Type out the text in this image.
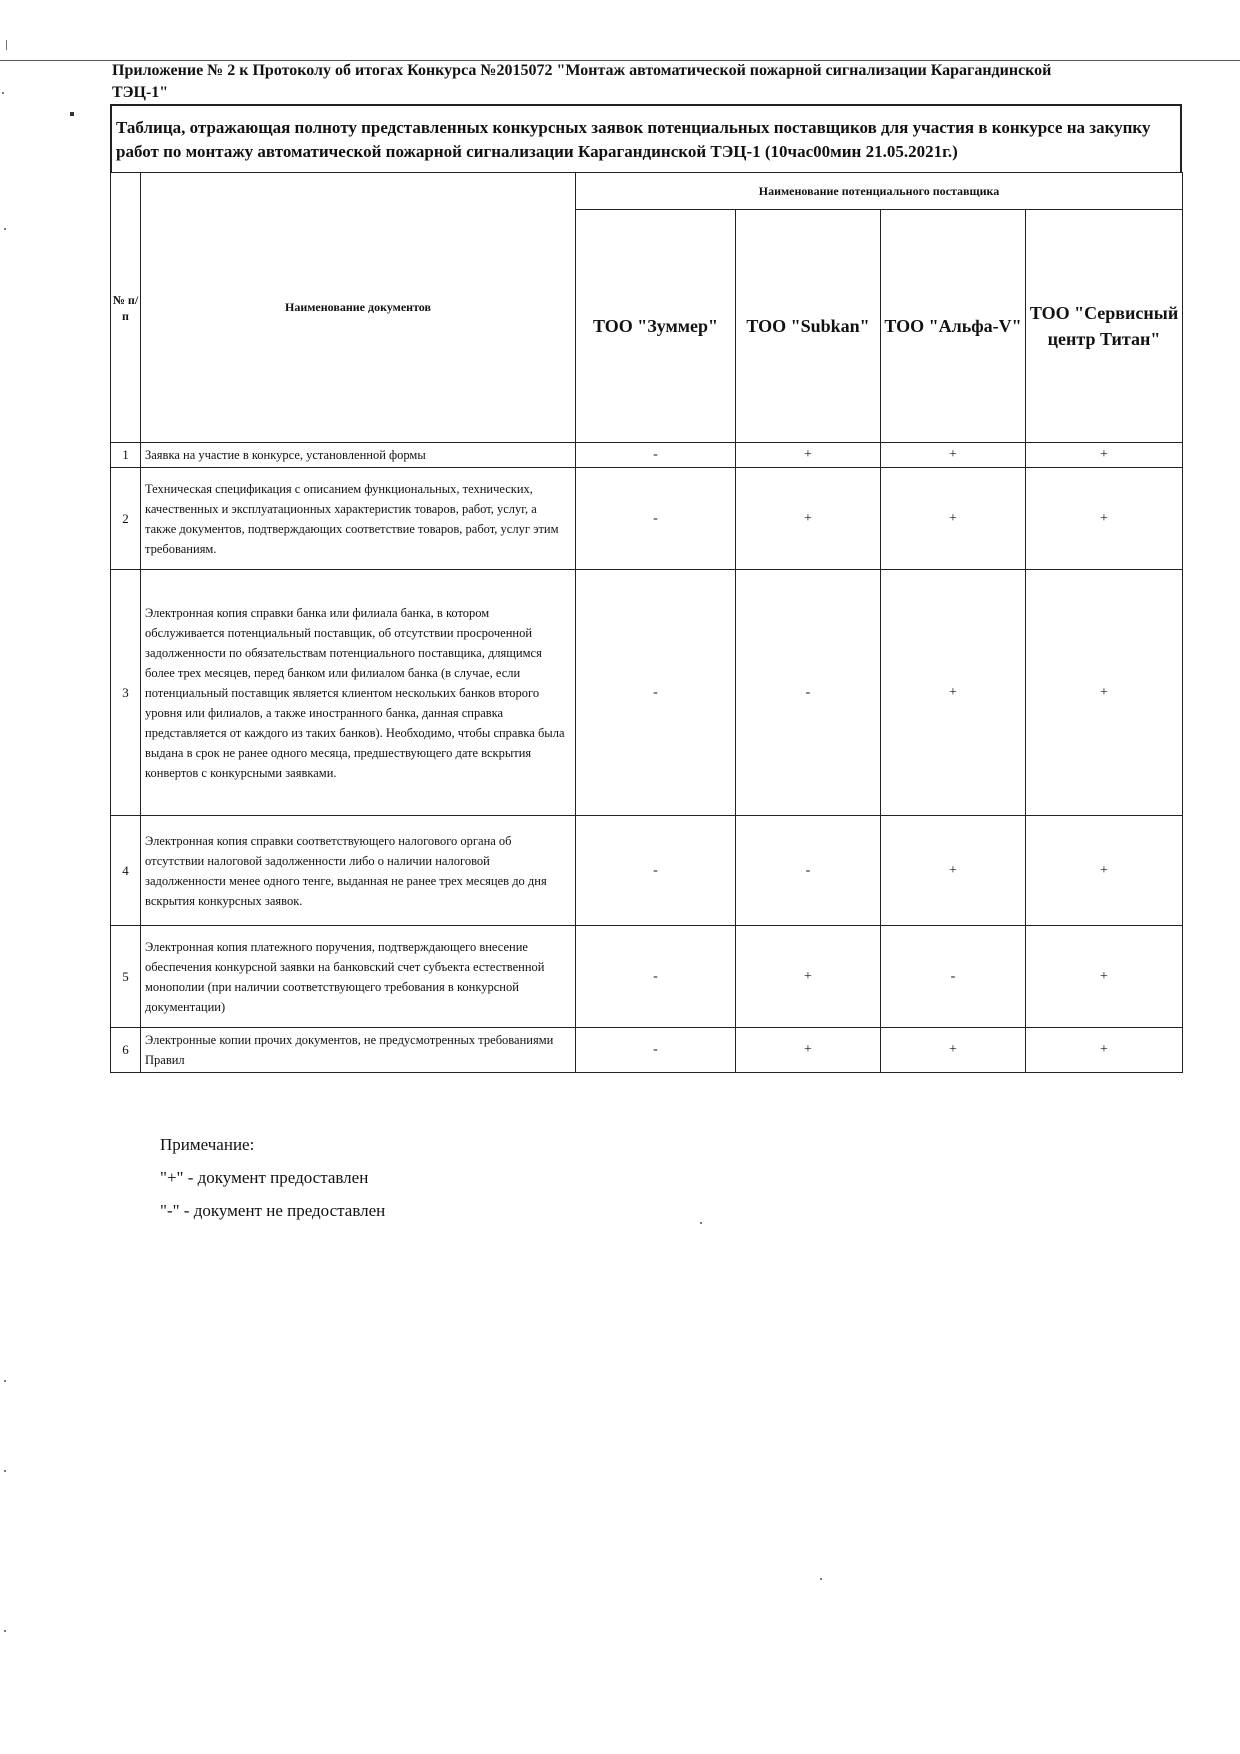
Приложение № 2 к Протоколу об итогах Конкурса №2015072 "Монтаж автоматической пожарной сигнализации Карагандинской
ТЭЦ-1"
Таблица, отражающая полноту представленных конкурсных заявок потенциальных поставщиков для участия в конкурсе на закупку работ по монтажу автоматической пожарной сигнализации Карагандинской ТЭЦ-1 (10час00мин 21.05.2021г.)
№ п/п	Наименование документов	Наименование потенциального поставщика			
		ТОО "Зуммер"	ТОО "Subkan"	ТОО "Альфа-V"	ТОО "Сервисный центр Титан"
1	Заявка на участие в конкурсе, установленной формы	-	+	+	+
2	Техническая спецификация с описанием функциональных, технических, качественных и эксплуатационных характеристик товаров, работ, услуг, а также документов, подтверждающих соответствие товаров, работ, услуг этим требованиям.	-	+	+	+
3	Электронная копия справки банка или филиала банка, в котором обслуживается потенциальный поставщик, об отсутствии просроченной задолженности по обязательствам потенциального поставщика, длящимся более трех месяцев, перед банком или филиалом банка (в случае, если потенциальный поставщик является клиентом нескольких банков второго уровня или филиалов, а также иностранного банка, данная справка представляется от каждого из таких банков). Необходимо, чтобы справка была выдана в срок не ранее одного месяца, предшествующего дате вскрытия конвертов с конкурсными заявками.	-	-	+	+
4	Электронная копия справки соответствующего налогового органа об отсутствии налоговой задолженности либо о наличии налоговой задолженности менее одного тенге, выданная не ранее трех месяцев до дня вскрытия конкурсных заявок.	-	-	+	+
5	Электронная копия платежного поручения, подтверждающего внесение обеспечения конкурсной заявки на банковский счет субъекта естественной монополии (при наличии соответствующего требования в конкурсной документации)	-	+	-	+
6	Электронные копии прочих документов, не предусмотренных требованиями Правил	-	+	+	+

Примечание:

"+" - документ предоставлен

"-" - документ не предоставлен
